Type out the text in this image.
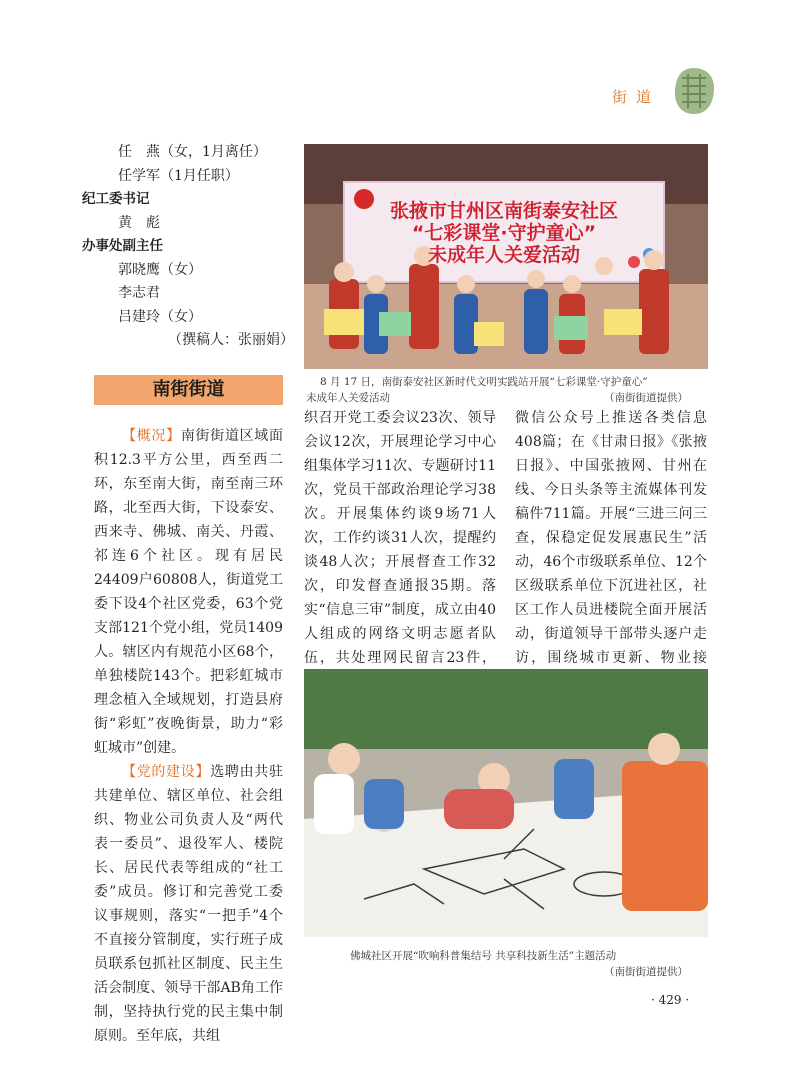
街道
任　燕（女，1月离任）
任学军（1月任职）
纪工委书记
黄　彪
办事处副主任
郭晓鹰（女）
李志君
吕建玲（女）
（撰稿人：张丽娟）
南街街道
【概况】南街街道区域面积12.3平方公里，西至西二环，东至南大街，南至南三环路，北至西大街，下设泰安、西来寺、佛城、南关、丹霞、祁连6个社区。现有居民24409户60808人，街道党工委下设4个社区党委，63个党支部121个党小组，党员1409人。辖区内有规范小区68个，单独楼院143个。把彩虹城市理念植入全域规划，打造县府街“彩虹”夜晚街景，助力“彩虹城市”创建。
【党的建设】选聘由共驻共建单位、辖区单位、社会组织、物业公司负责人及“两代表一委员”、退役军人、楼院长、居民代表等组成的“社工委”成员。修订和完善党工委议事规则，落实“一把手”4个不直接分管制度，实行班子成员联系包抓社区制度、民主生活会制度、领导干部AB角工作制，坚持执行党的民主集中制原则。至年底，共组
张掖市甘州区南街泰安社区
“七彩课堂·守护童心”
未成年人关爱活动
8 月 17 日，南街泰安社区新时代文明实践站开展“七彩课堂·守护童心”
未成年人关爱活动	（南街街道提供）
织召开党工委会议23次、领导会议12次，开展理论学习中心组集体学习11次、专题研讨11次，党员干部政治理论学习38次。开展集体约谈9场71人次，工作约谈31人次，提醒约谈48人次；开展督查工作32次，印发督查通报35期。落实“信息三审”制度，成立由40人组成的网络文明志愿者队伍，共处理网民留言23件，
微信公众号上推送各类信息408篇；在《甘肃日报》《张掖日报》、中国张掖网、甘州在线、今日头条等主流媒体刊发稿件711篇。开展“三进三问三查，保稳定促发展惠民生”活动，46个市级联系单位、12个区级联系单位下沉进社区，社区工作人员进楼院全面开展活动，街道领导干部带头逐户走访，围绕城市更新、物业接
佛城社区开展“吹响科普集结号 共享科技新生活”主题活动
（南街街道提供）
· 429 ·
